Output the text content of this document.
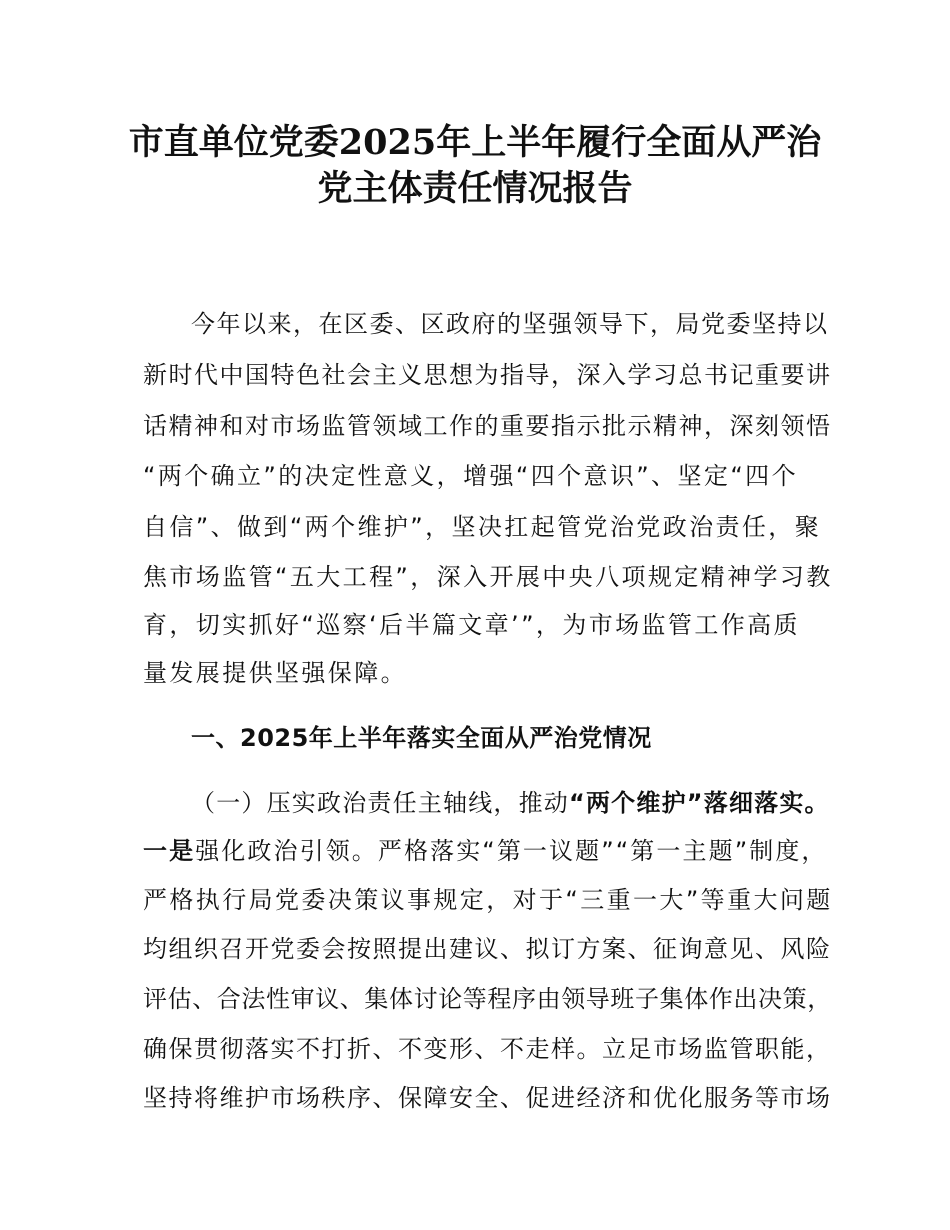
市直单位党委2025年上半年履行全面从严治
党主体责任情况报告
今年以来，在区委、区政府的坚强领导下，局党委坚持以
新时代中国特色社会主义思想为指导，深入学习总书记重要讲
话精神和对市场监管领域工作的重要指示批示精神，深刻领悟
“两个确立”的决定性意义，增强“四个意识”、坚定“四个
自信”、做到“两个维护”，坚决扛起管党治党政治责任，聚
焦市场监管“五大工程”，深入开展中央八项规定精神学习教
育，切实抓好“巡察‘后半篇文章’”，为市场监管工作高质
量发展提供坚强保障。
一、2025年上半年落实全面从严治党情况
（一）压实政治责任主轴线，推动“两个维护”落细落实。
一是强化政治引领。严格落实“第一议题”“第一主题”制度，
严格执行局党委决策议事规定，对于“三重一大”等重大问题
均组织召开党委会按照提出建议、拟订方案、征询意见、风险
评估、合法性审议、集体讨论等程序由领导班子集体作出决策，
确保贯彻落实不打折、不变形、不走样。立足市场监管职能，
坚持将维护市场秩序、保障安全、促进经济和优化服务等市场
